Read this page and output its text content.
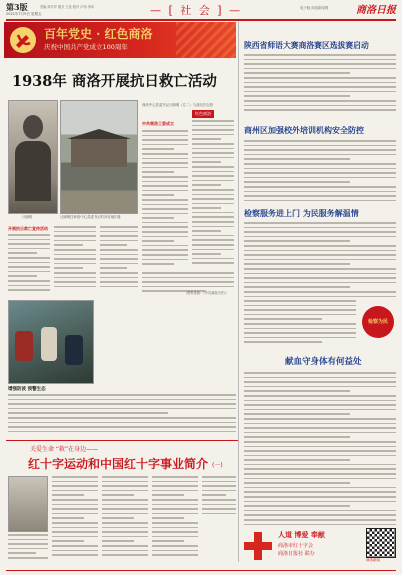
第3版
2021年7月9日 星期五
责编 周毕华 版式 王佳 校对 卢伟 李玮	— [ 社 会 ] —	电子版 商洛新闻网	商洛日报
百年党史 · 红色商洛
庆祝中国共产党成立100周年
1938年 商洛开展抗日救亡活动
丘晓明	丘晓明任商洛中心县委书记时所在地旧址
中共商洛工委成立
商洛中心县委书记丘晓明（左二）与战友们合影
红色商洛
开展抗日救亡宣传活动
（资料来源：《中共商洛历史》）
增强防波 预警生态
关爱生命 “救”在身边——
红十字运动和中国红十字事业简介 (一)
陕西省师语大赛商洛赛区选拔赛启动
商州区加强校外培训机构安全防控
检察服务进上门 为民服务解温情
检察为民
献血守身体有何益处
商洛新闻
人道 博爱 奉献
商洛市红十字会
商洛日报社 联办
